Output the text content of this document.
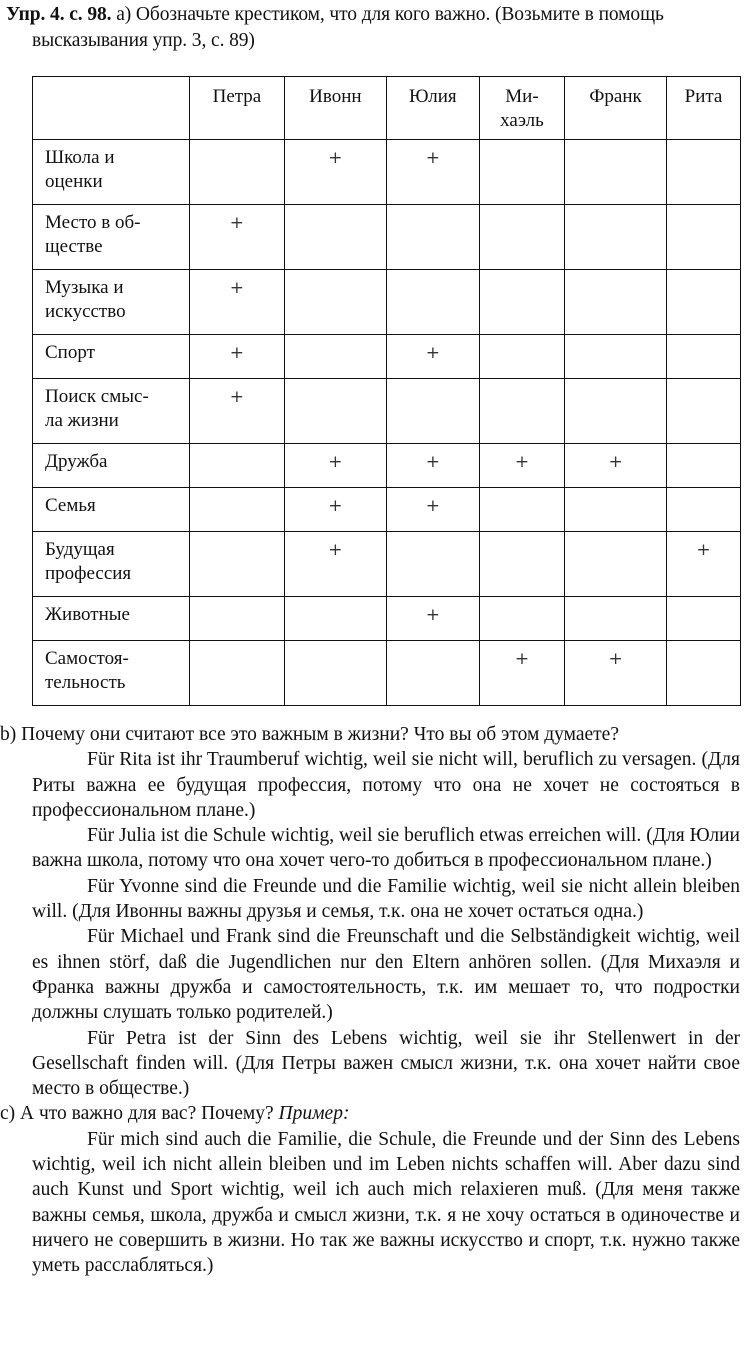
Упр. 4. с. 98. а) Обозначьте крестиком, что для кого важно. (Возьмите в помощь высказывания упр. 3, с. 89)
	Петра	Ивонн	Юлия	Ми-
хаэль	Франк	Рита
Школа и
оценки		+	+			
Место в об-
ществе	+					
Музыка и
искусство	+					
Спорт	+		+			
Поиск смыс-
ла жизни	+					
Дружба		+	+	+	+	
Семья		+	+			
Будущая
профессия		+				+
Животные			+			
Самостоя-
тельность				+	+	

b) Почему они считают все это важным в жизни? Что вы об этом думаете?

Für Rita ist ihr Traumberuf wichtig, weil sie nicht will, beruflich zu versagen. (Для Риты важна ее будущая профессия, потому что она не хочет не состояться в профессиональном плане.)

Für Julia ist die Schule wichtig, weil sie beruflich etwas erreichen will. (Для Юлии важна школа, потому что она хочет чего-то добиться в профессиональном плане.)

Für Yvonne sind die Freunde und die Familie wichtig, weil sie nicht allein bleiben will. (Для Ивонны важны друзья и семья, т.к. она не хочет остаться одна.)

Für Michael und Frank sind die Freunschaft und die Selbständigkeit wichtig, weil es ihnen störf, daß die Jugendlichen nur den Eltern anhören sollen. (Для Михаэля и Франка важны дружба и самостоятельность, т.к. им мешает то, что подростки должны слушать только родителей.)

Für Petra ist der Sinn des Lebens wichtig, weil sie ihr Stellenwert in der Gesellschaft finden will. (Для Петры важен смысл жизни, т.к. она хочет найти свое место в обществе.)

с) А что важно для вас? Почему? Пример:

Für mich sind auch die Familie, die Schule, die Freunde und der Sinn des Lebens wichtig, weil ich nicht allein bleiben und im Leben nichts schaffen will. Aber dazu sind auch Kunst und Sport wichtig, weil ich auch mich relaxieren muß. (Для меня также важны семья, школа, дружба и смысл жизни, т.к. я не хочу остаться в одиночестве и ничего не совершить в жизни. Но так же важны искусство и спорт, т.к. нужно также уметь расслабляться.)
